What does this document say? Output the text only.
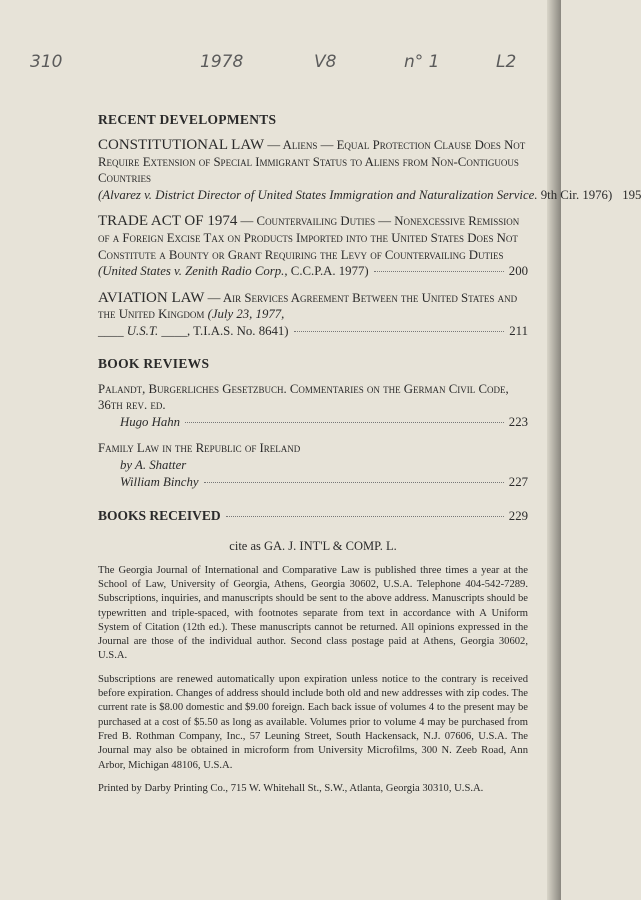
310	1978	V8	n° 1	L2
RECENT DEVELOPMENTS
CONSTITUTIONAL LAW — Aliens — Equal Protection Clause Does Not Require Extension of Special Immigrant Status to Aliens from Non-Contiguous Countries
(Alvarez v. District Director of United States Immigration and Naturalization Service. 9th Cir. 1976) 195
TRADE ACT OF 1974 — Countervailing Duties — Nonexcessive Remission of a Foreign Excise Tax on Products Imported into the United States Does Not Constitute a Bounty or Grant Requiring the Levy of Countervailing Duties
(United States v. Zenith Radio Corp., C.C.P.A. 1977)	200
AVIATION LAW — Air Services Agreement Between the United States and the United Kingdom (July 23, 1977,
____ U.S.T. ____, T.I.A.S. No. 8641)	211
BOOK REVIEWS
Palandt, Burgerliches Gesetzbuch. Commentaries on the German Civil Code, 36th rev. ed.
Hugo Hahn	223
Family Law in the Republic of Ireland
by A. Shatter
William Binchy	227
BOOKS RECEIVED	229
cite as GA. J. INT'L & COMP. L.

The Georgia Journal of International and Comparative Law is published three times a year at the School of Law, University of Georgia, Athens, Georgia 30602, U.S.A. Telephone 404-542-7289. Subscriptions, inquiries, and manuscripts should be sent to the above address. Manuscripts should be typewritten and triple-spaced, with footnotes separate from text in accordance with A Uniform System of Citation (12th ed.). These manuscripts cannot be returned. All opinions expressed in the Journal are those of the individual author. Second class postage paid at Athens, Georgia 30602, U.S.A.

Subscriptions are renewed automatically upon expiration unless notice to the contrary is received before expiration. Changes of address should include both old and new addresses with zip codes. The current rate is $8.00 domestic and $9.00 foreign. Each back issue of volumes 4 to the present may be purchased at a cost of $5.50 as long as available. Volumes prior to volume 4 may be purchased from Fred B. Rothman Company, Inc., 57 Leuning Street, South Hackensack, N.J. 07606, U.S.A. The Journal may also be obtained in microform from University Microfilms, 300 N. Zeeb Road, Ann Arbor, Michigan 48106, U.S.A.

Printed by Darby Printing Co., 715 W. Whitehall St., S.W., Atlanta, Georgia 30310, U.S.A.
